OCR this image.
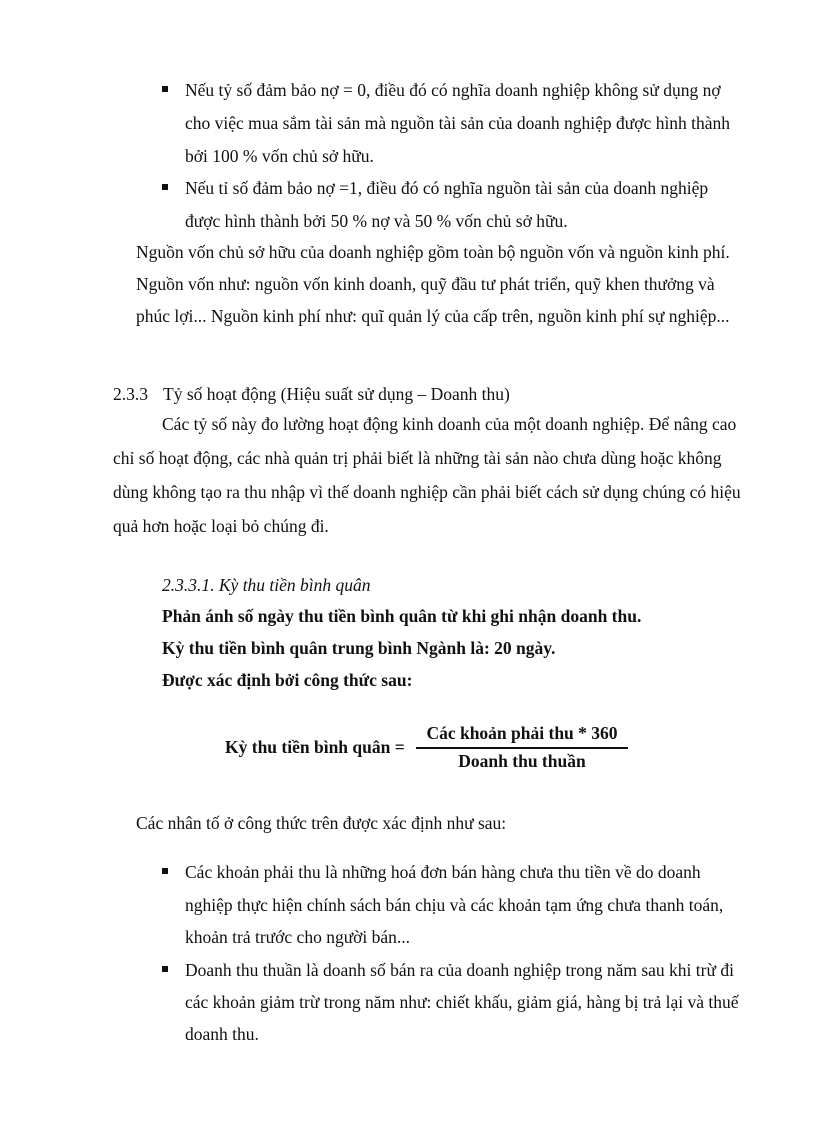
Nếu tỷ số đảm bảo nợ = 0, điều đó có nghĩa doanh nghiệp không sử dụng nợ
cho việc mua sắm tài sản mà nguồn tài sản của doanh nghiệp được hình thành
bởi 100 % vốn chủ sở hữu.
Nếu tỉ số đảm bảo nợ =1, điều đó có nghĩa nguồn tài sản của doanh nghiệp
được hình thành bởi 50 % nợ và 50 % vốn chủ sở hữu.
Nguồn vốn chủ sở hữu của doanh nghiệp gồm toàn bộ nguồn vốn và nguồn kinh phí.
Nguồn vốn như: nguồn vốn kinh doanh, quỹ đầu tư phát triển, quỹ khen thưởng và
phúc lợi... Nguồn kinh phí như: quĩ quản lý của cấp trên, nguồn kinh phí sự nghiệp...
2.3.3 Tỷ số hoạt động (Hiệu suất sử dụng – Doanh thu)
Các tỷ số này đo lường hoạt động kinh doanh của một doanh nghiệp. Để nâng cao
chỉ số hoạt động, các nhà quản trị phải biết là những tài sản nào chưa dùng hoặc không
dùng không tạo ra thu nhập vì thế doanh nghiệp cần phải biết cách sử dụng chúng có hiệu
quả hơn hoặc loại bỏ chúng đi.
2.3.3.1. Kỳ thu tiền bình quân
Phản ánh số ngày thu tiền bình quân từ khi ghi nhận doanh thu.
Kỳ thu tiền bình quân trung bình Ngành là: 20 ngày.
Được xác định bởi công thức sau:
Kỳ thu tiền bình quân =
Các khoản phải thu * 360
Doanh thu thuần
Các nhân tố ở công thức trên được xác định như sau:
Các khoản phải thu là những hoá đơn bán hàng chưa thu tiền về do doanh
nghiệp thực hiện chính sách bán chịu và các khoản tạm ứng chưa thanh toán,
khoản trả trước cho người bán...
Doanh thu thuần là doanh số bán ra của doanh nghiệp trong năm sau khi trừ đi
các khoản giảm trừ trong năm như: chiết khấu, giảm giá, hàng bị trả lại và thuế
doanh thu.
